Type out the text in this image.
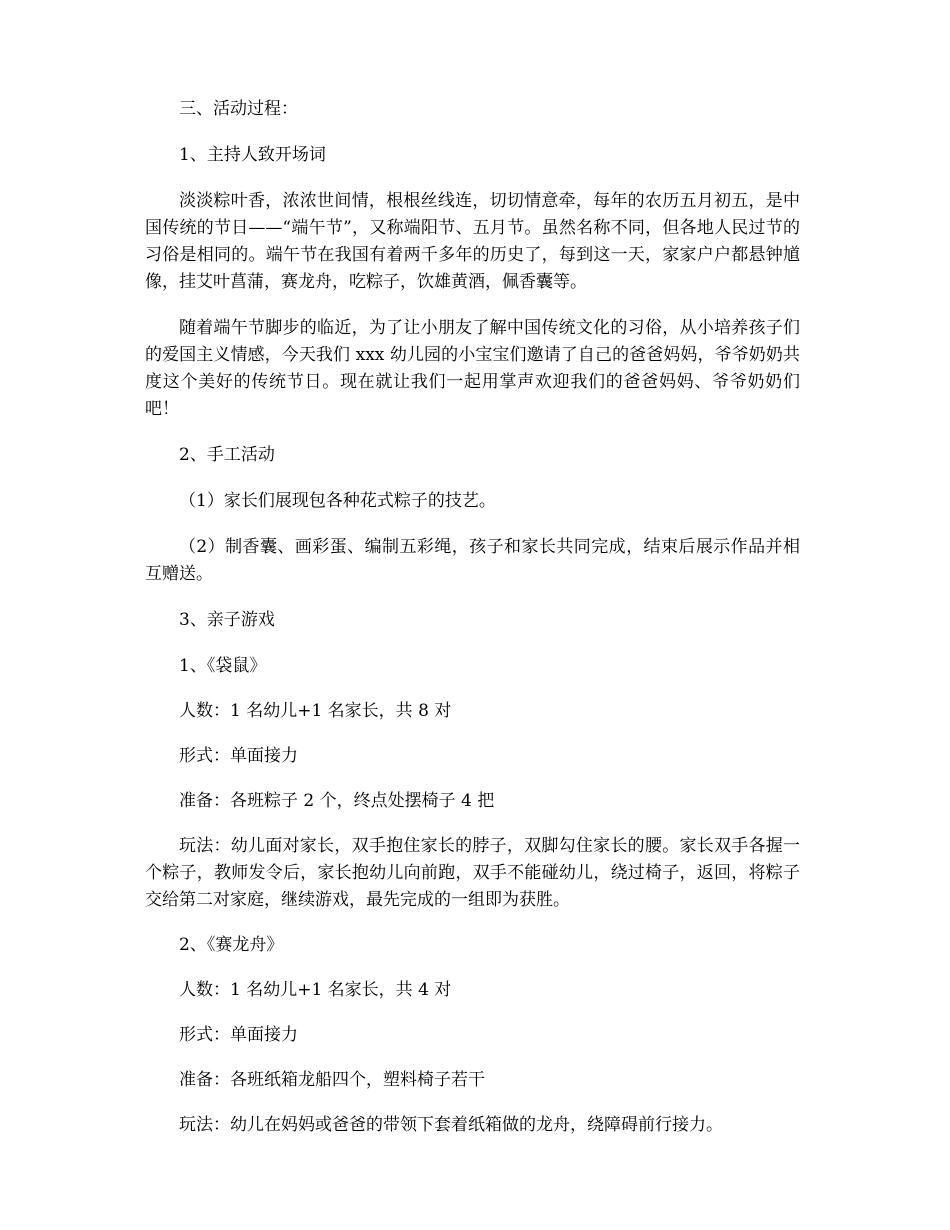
三、活动过程：

1、主持人致开场词

淡淡粽叶香，浓浓世间情，根根丝线连，切切情意牵，每年的农历五月初五，是中国传统的节日——“端午节”，又称端阳节、五月节。虽然名称不同，但各地人民过节的习俗是相同的。端午节在我国有着两千多年的历史了，每到这一天，家家户户都悬钟馗像，挂艾叶菖蒲，赛龙舟，吃粽子，饮雄黄酒，佩香囊等。

随着端午节脚步的临近，为了让小朋友了解中国传统文化的习俗，从小培养孩子们的爱国主义情感，今天我们 xxx 幼儿园的小宝宝们邀请了自己的爸爸妈妈，爷爷奶奶共度这个美好的传统节日。现在就让我们一起用掌声欢迎我们的爸爸妈妈、爷爷奶奶们吧！

2、手工活动

（1）家长们展现包各种花式粽子的技艺。

（2）制香囊、画彩蛋、编制五彩绳，孩子和家长共同完成，结束后展示作品并相互赠送。

3、亲子游戏

1、《袋鼠》

人数：1 名幼儿+1 名家长，共 8 对

形式：单面接力

准备：各班粽子 2 个，终点处摆椅子 4 把

玩法：幼儿面对家长，双手抱住家长的脖子，双脚勾住家长的腰。家长双手各握一个粽子，教师发令后，家长抱幼儿向前跑，双手不能碰幼儿，绕过椅子，返回，将粽子交给第二对家庭，继续游戏，最先完成的一组即为获胜。

2、《赛龙舟》

人数：1 名幼儿+1 名家长，共 4 对

形式：单面接力

准备：各班纸箱龙船四个，塑料椅子若干

玩法：幼儿在妈妈或爸爸的带领下套着纸箱做的龙舟，绕障碍前行接力。
